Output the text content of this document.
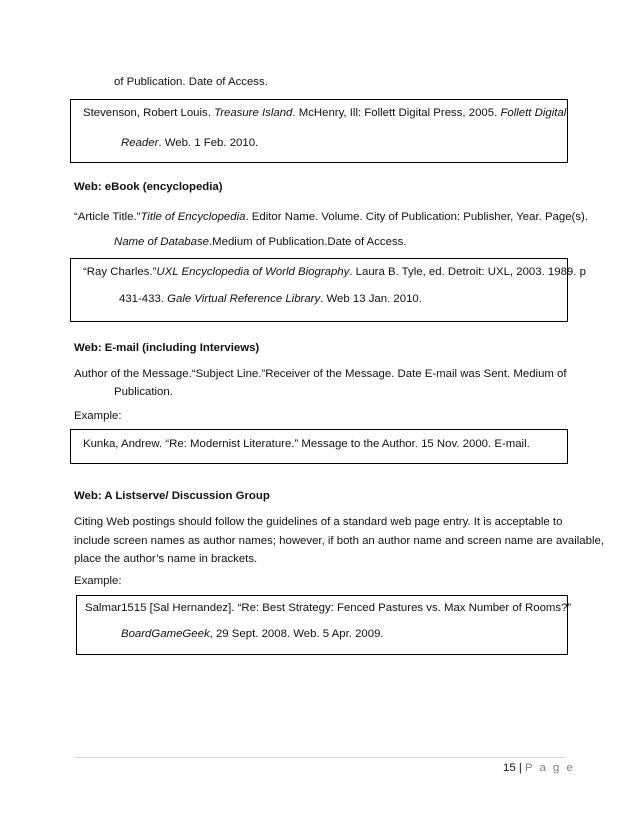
of Publication. Date of Access.
Stevenson, Robert Louis. Treasure Island. McHenry, Ill: Follett Digital Press, 2005. Follett Digital
Reader. Web. 1 Feb. 2010.
Web: eBook (encyclopedia)
“Article Title.”Title of Encyclopedia. Editor Name. Volume. City of Publication: Publisher, Year. Page(s).
Name of Database.Medium of Publication.Date of Access.
“Ray Charles.”UXL Encyclopedia of World Biography. Laura B. Tyle, ed. Detroit: UXL, 2003. 1989. p
431-433. Gale Virtual Reference Library. Web 13 Jan. 2010.
Web: E-mail (including Interviews)
Author of the Message.“Subject Line.”Receiver of the Message. Date E-mail was Sent. Medium of
Publication.
Example:
Kunka, Andrew. “Re: Modernist Literature.” Message to the Author. 15 Nov. 2000. E-mail.
Web: A Listserve/ Discussion Group
Citing Web postings should follow the guidelines of a standard web page entry. It is acceptable to
include screen names as author names; however, if both an author name and screen name are available,
place the author’s name in brackets.
Example:
Salmar1515 [Sal Hernandez]. “Re: Best Strategy: Fenced Pastures vs. Max Number of Rooms?”
BoardGameGeek, 29 Sept. 2008. Web. 5 Apr. 2009.
15 | P a g e
